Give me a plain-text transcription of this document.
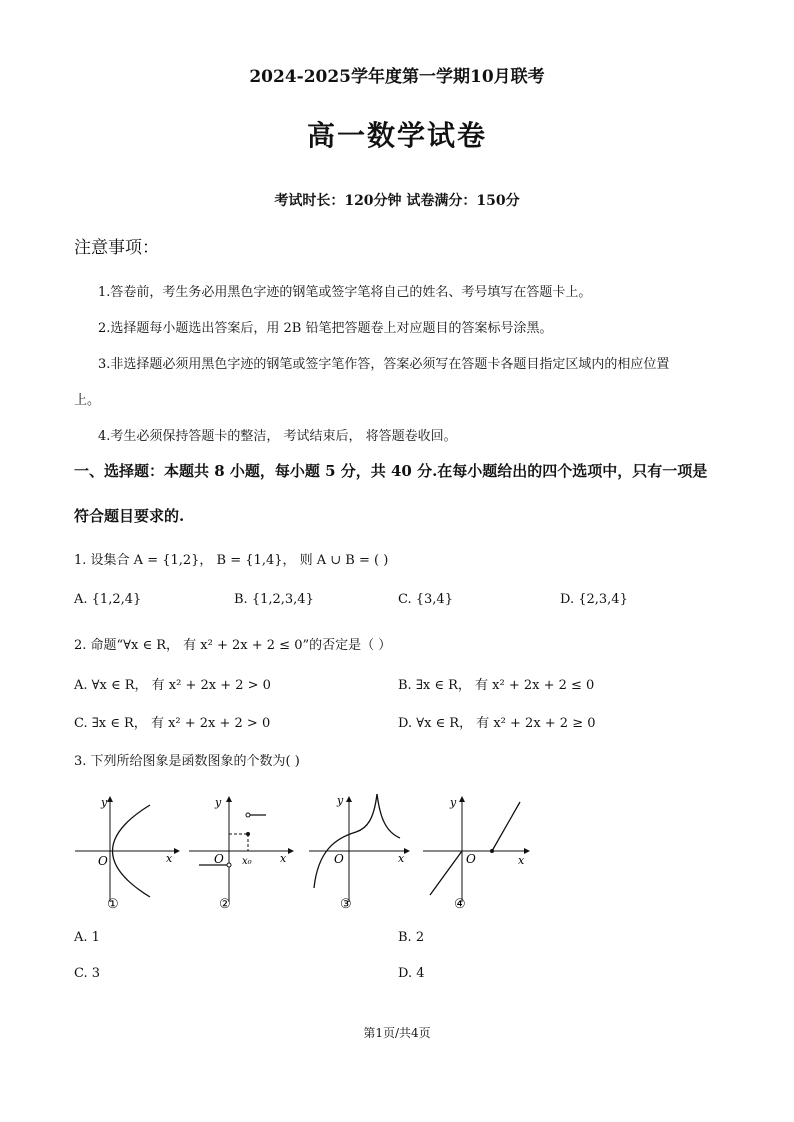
2024-2025学年度第一学期10月联考
高一数学试卷
考试时长：120分钟 试卷满分：150分
注意事项：
1.答卷前，考生务必用黑色字迹的钢笔或签字笔将自己的姓名、考号填写在答题卡上。
2.选择题每小题选出答案后，用 2B 铅笔把答题卷上对应题目的答案标号涂黑。
3.非选择题必须用黑色字迹的钢笔或签字笔作答，答案必须写在答题卡各题目指定区域内的相应位置
上。
4.考生必须保持答题卡的整洁， 考试结束后， 将答题卷收回。
一、选择题：本题共 8 小题，每小题 5 分，共 40 分.在每小题给出的四个选项中，只有一项是
符合题目要求的.
1. 设集合 A = {1,2}， B = {1,4}， 则 A ∪ B = ( )
A. {1,2,4}	B. {1,2,3,4}	C. {3,4}	D. {2,3,4}
2. 命题“∀x ∈ R， 有 x² + 2x + 2 ≤ 0”的否定是（ ）
A. ∀x ∈ R， 有 x² + 2x + 2 > 0	B. ∃x ∈ R， 有 x² + 2x + 2 ≤ 0
C. ∃x ∈ R， 有 x² + 2x + 2 > 0	D. ∀x ∈ R， 有 x² + 2x + 2 ≥ 0
3. 下列所给图象是函数图象的个数为( )
y
O	x
①
y
O x₀	x
②
y
O	x
③
y
O	x
④
A. 1	B. 2
C. 3	D. 4
第1页/共4页
